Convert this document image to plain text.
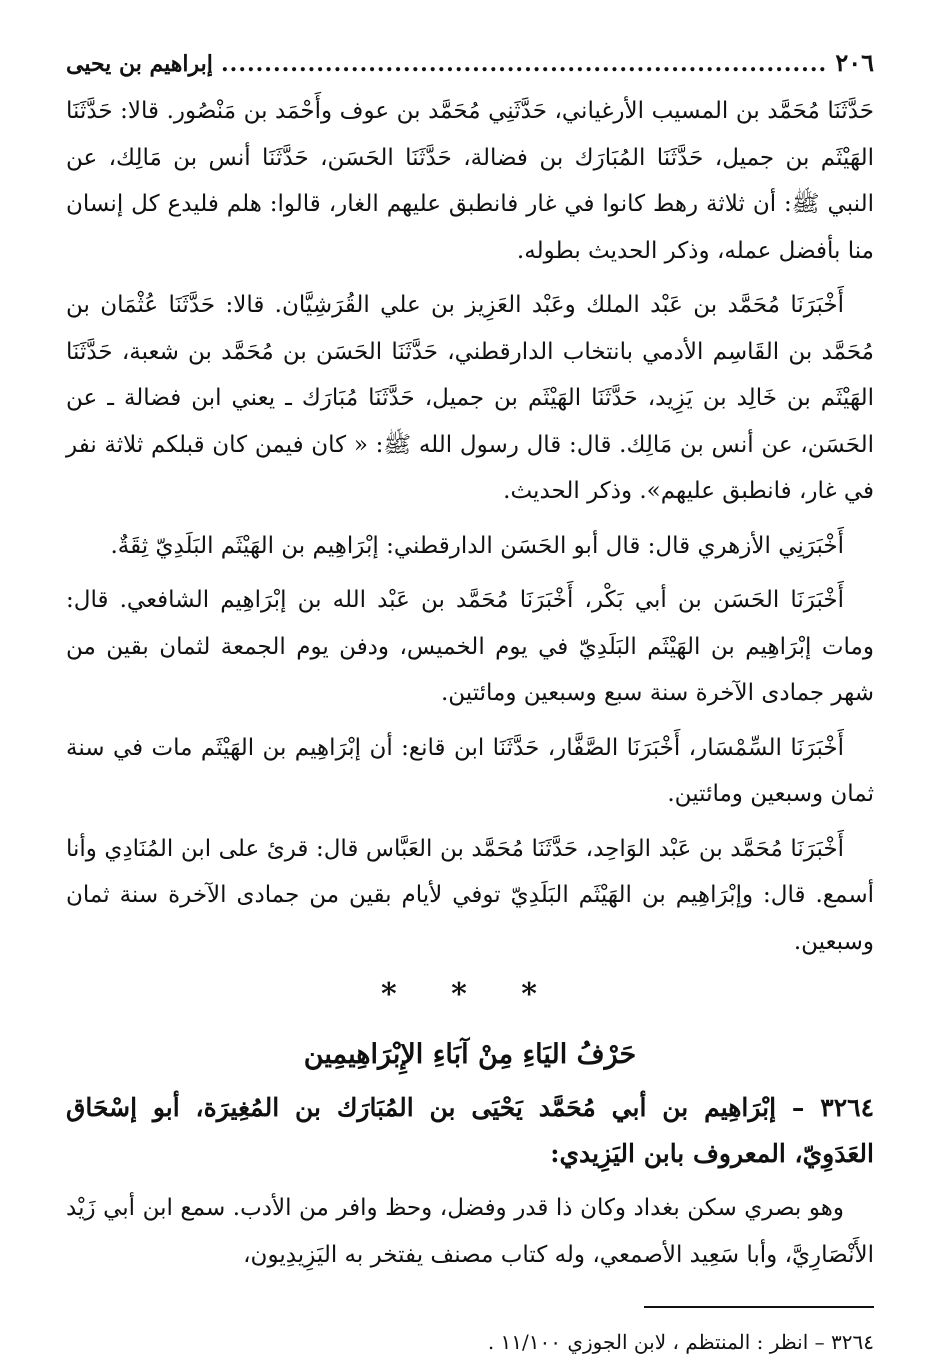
٢٠٦
......................................................................
إبراهيم بن يحيى

حَدَّثَنَا مُحَمَّد بن المسيب الأرغياني، حَدَّثَنِي مُحَمَّد بن عوف وأَحْمَد بن مَنْصُور. قالا: حَدَّثَنَا الهَيْثَم بن جميل، حَدَّثَنَا المُبَارَك بن فضالة، حَدَّثَنَا الحَسَن، حَدَّثَنَا أنس بن مَالِك، عن النبي ﷺ: أن ثلاثة رهط كانوا في غار فانطبق عليهم الغار، قالوا: هلم فليدع كل إنسان منا بأفضل عمله، وذكر الحديث بطوله.

أَخْبَرَنَا مُحَمَّد بن عَبْد الملك وعَبْد العَزِيز بن علي القُرَشِيَّان. قالا: حَدَّثَنَا عُثْمَان بن مُحَمَّد بن القَاسِم الأدمي بانتخاب الدارقطني، حَدَّثَنَا الحَسَن بن مُحَمَّد بن شعبة، حَدَّثَنَا الهَيْثَم بن خَالِد بن يَزِيد، حَدَّثَنَا الهَيْثَم بن جميل، حَدَّثَنَا مُبَارَك ـ يعني ابن فضالة ـ عن الحَسَن، عن أنس بن مَالِك. قال: قال رسول الله ﷺ: « كان فيمن كان قبلكم ثلاثة نفر في غار، فانطبق عليهم». وذكر الحديث.

أَخْبَرَنِي الأزهري قال: قال أبو الحَسَن الدارقطني: إبْرَاهِيم بن الهَيْثَم البَلَدِيّ ثِقَةٌ.

أَخْبَرَنَا الحَسَن بن أبي بَكْر، أَخْبَرَنَا مُحَمَّد بن عَبْد الله بن إبْرَاهِيم الشافعي. قال: ومات إبْرَاهِيم بن الهَيْثَم البَلَدِيّ في يوم الخميس، ودفن يوم الجمعة لثمان بقين من شهر جمادى الآخرة سنة سبع وسبعين ومائتين.

أَخْبَرَنَا السِّمْسَار، أَخْبَرَنَا الصَّفَّار، حَدَّثَنَا ابن قانع: أن إبْرَاهِيم بن الهَيْثَم مات في سنة ثمان وسبعين ومائتين.

أَخْبَرَنَا مُحَمَّد بن عَبْد الوَاحِد، حَدَّثَنَا مُحَمَّد بن العَبَّاس قال: قرئ على ابن المُنَادِي وأنا أسمع. قال: وإبْرَاهِيم بن الهَيْثَم البَلَدِيّ توفي لأيام بقين من جمادى الآخرة سنة ثمان وسبعين.

* * *
حَرْفُ اليَاءِ مِنْ آبَاءِ الإِبْرَاهِيمِين

٣٢٦٤ – إبْرَاهِيم بن أبي مُحَمَّد يَحْيَى بن المُبَارَك بن المُغِيرَة، أبو إسْحَاق العَدَوِيّ، المعروف بابن اليَزِيدي:

وهو بصري سكن بغداد وكان ذا قدر وفضل، وحظ وافر من الأدب. سمع ابن أبي زَيْد الأَنْصَارِيَّ، وأبا سَعِيد الأصمعي، وله كتاب مصنف يفتخر به اليَزِيدِيون،

٣٢٦٤ – انظر : المنتظم ، لابن الجوزي ١١/١٠٠ .
